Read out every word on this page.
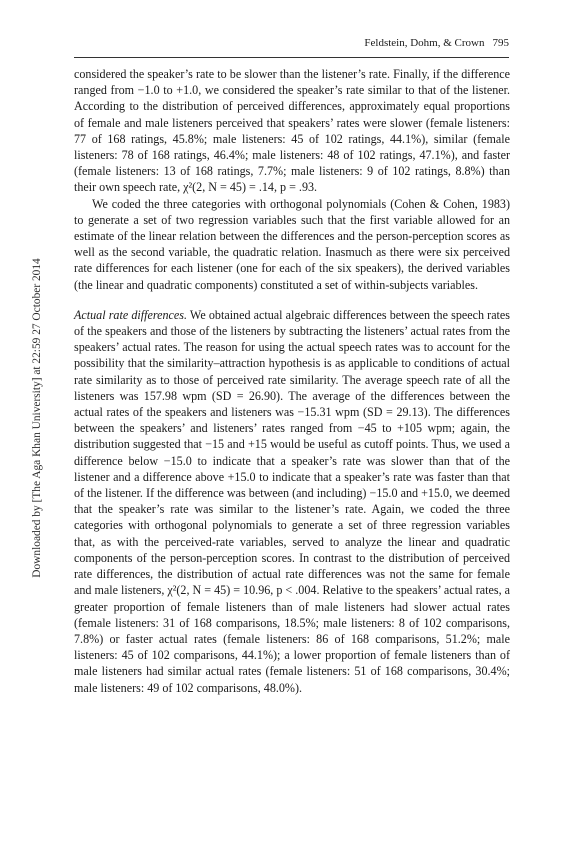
Downloaded by [The Aga Khan University] at 22:59 27 October 2014
Feldstein, Dohm, & Crown 795

considered the speaker’s rate to be slower than the listener’s rate. Finally, if the difference ranged from −1.0 to +1.0, we considered the speaker’s rate similar to that of the listener. According to the distribution of perceived differences, approximately equal proportions of female and male listeners perceived that speakers’ rates were slower (female listeners: 77 of 168 ratings, 45.8%; male listeners: 45 of 102 ratings, 44.1%), similar (female listeners: 78 of 168 ratings, 46.4%; male listeners: 48 of 102 ratings, 47.1%), and faster (female listeners: 13 of 168 ratings, 7.7%; male listeners: 9 of 102 ratings, 8.8%) than their own speech rate, χ²(2, N = 45) = .14, p = .93.

We coded the three categories with orthogonal polynomials (Cohen & Cohen, 1983) to generate a set of two regression variables such that the first variable allowed for an estimate of the linear relation between the differences and the person-perception scores as well as the second variable, the quadratic relation. Inasmuch as there were six perceived rate differences for each listener (one for each of the six speakers), the derived variables (the linear and quadratic components) constituted a set of within-subjects variables.

Actual rate differences. We obtained actual algebraic differences between the speech rates of the speakers and those of the listeners by subtracting the listeners’ actual rates from the speakers’ actual rates. The reason for using the actual speech rates was to account for the possibility that the similarity–attraction hypothesis is as applicable to conditions of actual rate similarity as to those of perceived rate similarity. The average speech rate of all the listeners was 157.98 wpm (SD = 26.90). The average of the differences between the actual rates of the speakers and listeners was −15.31 wpm (SD = 29.13). The differences between the speakers’ and listeners’ rates ranged from −45 to +105 wpm; again, the distribution suggested that −15 and +15 would be useful as cutoff points. Thus, we used a difference below −15.0 to indicate that a speaker’s rate was slower than that of the listener and a difference above +15.0 to indicate that a speaker’s rate was faster than that of the listener. If the difference was between (and including) −15.0 and +15.0, we deemed that the speaker’s rate was similar to the listener’s rate. Again, we coded the three categories with orthogonal polynomials to generate a set of three regression variables that, as with the perceived-rate variables, served to analyze the linear and quadratic components of the person-perception scores. In contrast to the distribution of perceived rate differences, the distribution of actual rate differences was not the same for female and male listeners, χ²(2, N = 45) = 10.96, p < .004. Relative to the speakers’ actual rates, a greater proportion of female listeners than of male listeners had slower actual rates (female listeners: 31 of 168 comparisons, 18.5%; male listeners: 8 of 102 comparisons, 7.8%) or faster actual rates (female listeners: 86 of 168 comparisons, 51.2%; male listeners: 45 of 102 comparisons, 44.1%); a lower proportion of female listeners than of male listeners had similar actual rates (female listeners: 51 of 168 comparisons, 30.4%; male listeners: 49 of 102 comparisons, 48.0%).
